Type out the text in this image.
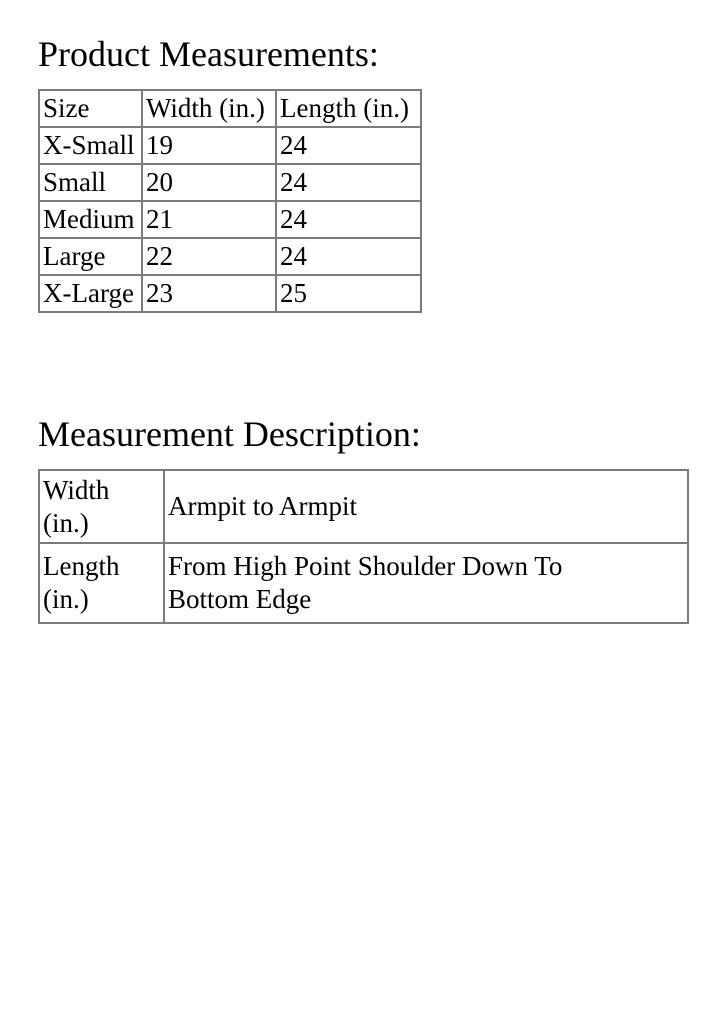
Product Measurements:
Size	Width (in.)	Length (in.)
X-Small	19	24
Small	20	24
Medium	21	24
Large	22	24
X-Large	23	25
Measurement Description:
Width (in.)	Armpit to Armpit

Length (in.)	From High Point Shoulder Down To Bottom Edge
